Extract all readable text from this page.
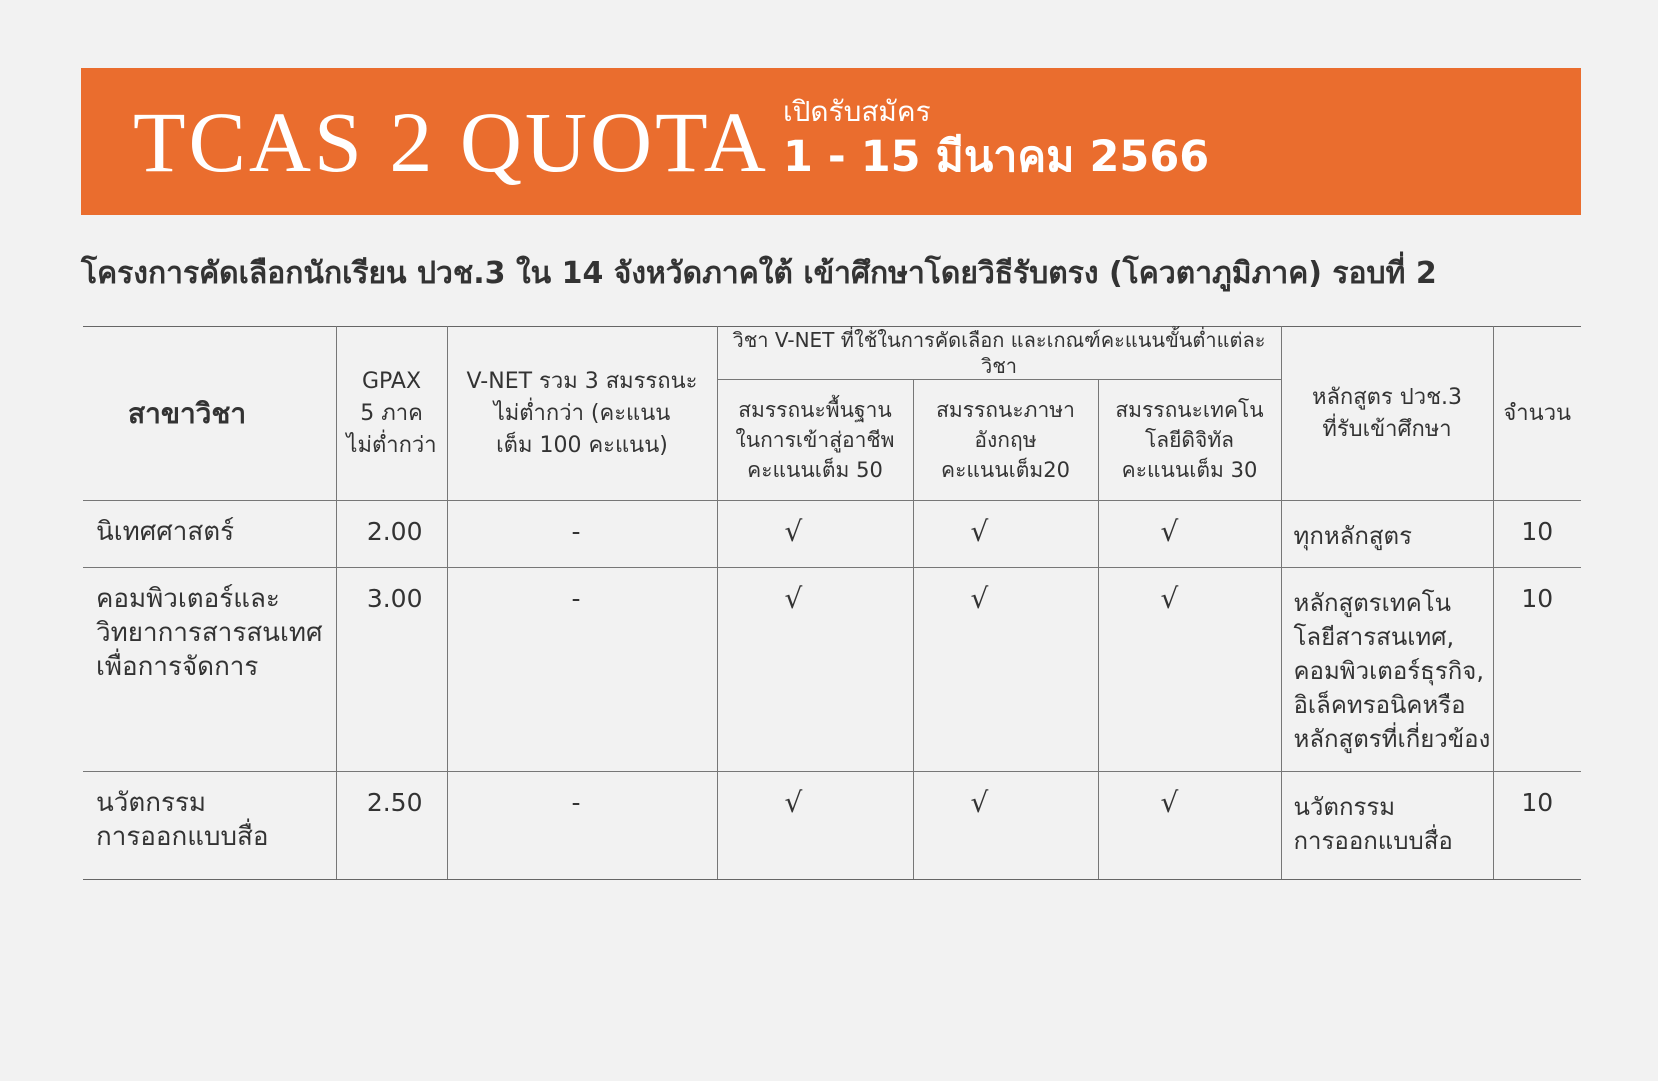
TCAS 2 QUOTA เปิดรับสมัคร
1 - 15 มีนาคม 2566
โครงการคัดเลือกนักเรียน ปวช.3 ใน 14 จังหวัดภาคใต้ เข้าศึกษาโดยวิธีรับตรง (โควตาภูมิภาค) รอบที่ 2
สาขาวิชา	GPAX
5 ภาค
ไม่ต่ำกว่า	V-NET รวม 3 สมรรถนะ
ไม่ต่ำกว่า (คะแนน
เต็ม 100 คะแนน)	วิชา V-NET ที่ใช้ในการคัดเลือก และเกณฑ์คะแนนขั้นต่ำแต่ละวิชา			หลักสูตร ปวช.3
ที่รับเข้าศึกษา	จำนวน
			สมรรถนะพื้นฐาน
ในการเข้าสู่อาชีพ
คะแนนเต็ม 50	สมรรถนะภาษา
อังกฤษ
คะแนนเต็ม20	สมรรถนะเทคโน
โลยีดิจิทัล
คะแนนเต็ม 30		
นิเทศศาสตร์	2.00	-	√	√	√	ทุกหลักสูตร	10
คอมพิวเตอร์และ
วิทยาการสารสนเทศ
เพื่อการจัดการ	3.00	-	√	√	√	หลักสูตรเทคโน
โลยีสารสนเทศ,
คอมพิวเตอร์ธุรกิจ,
อิเล็คทรอนิคหรือ
หลักสูตรที่เกี่ยวข้อง	10
นวัตกรรม
การออกแบบสื่อ	2.50	-	√	√	√	นวัตกรรม
การออกแบบสื่อ	10
